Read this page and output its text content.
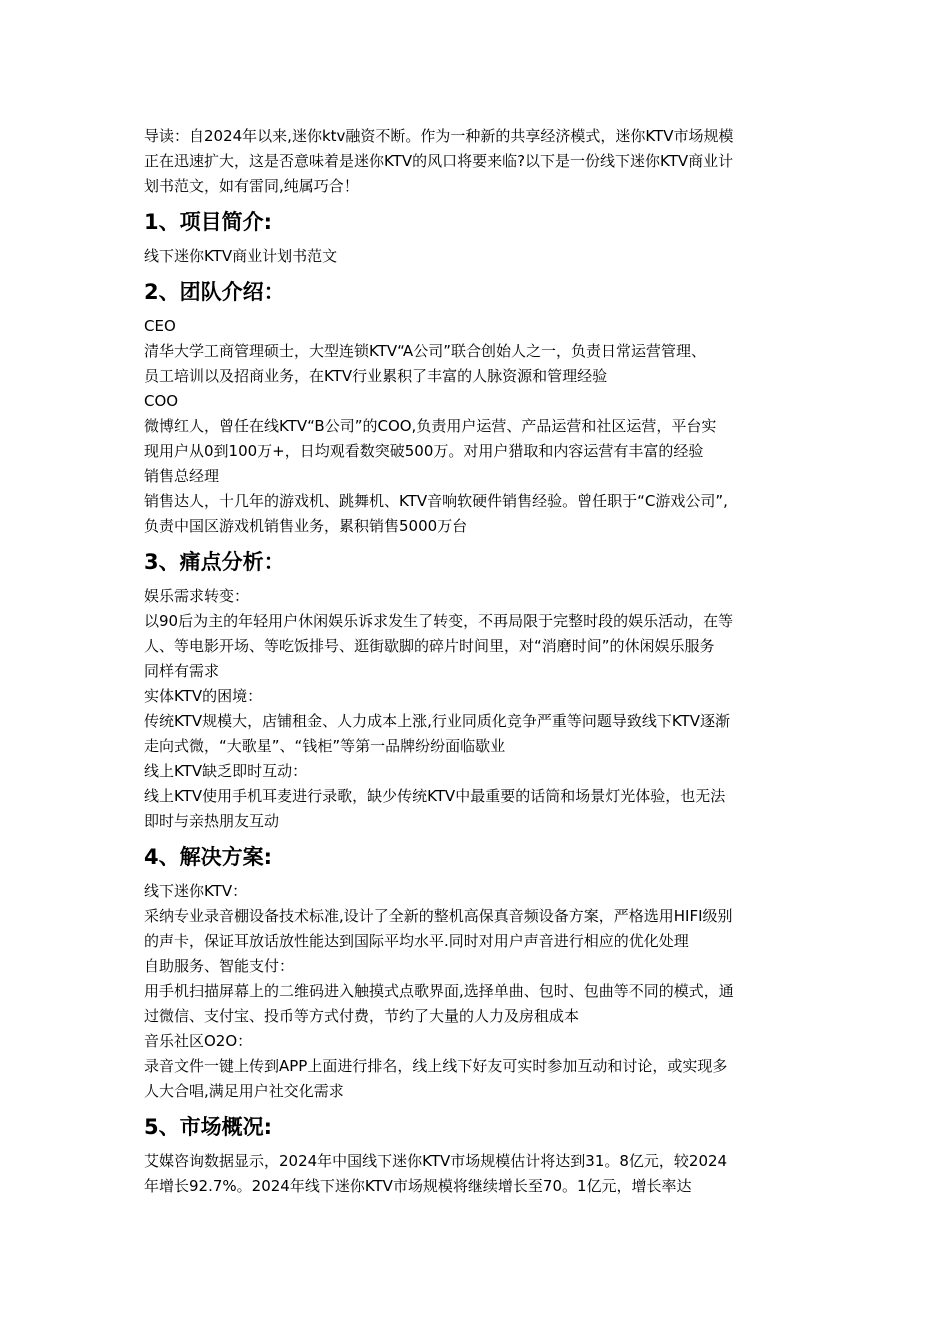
导读：自2024年以来,迷你ktv融资不断。作为一种新的共享经济模式，迷你KTV市场规模
正在迅速扩大，这是否意味着是迷你KTV的风口将要来临?以下是一份线下迷你KTV商业计
划书范文，如有雷同,纯属巧合！
1、项目简介:
线下迷你KTV商业计划书范文
2、团队介绍：
CEO
清华大学工商管理硕士，大型连锁KTV“A公司”联合创始人之一，负责日常运营管理、
员工培训以及招商业务，在KTV行业累积了丰富的人脉资源和管理经验
COO
微博红人，曾任在线KTV“B公司”的COO,负责用户运营、产品运营和社区运营，平台实
现用户从0到100万+，日均观看数突破500万。对用户猎取和内容运营有丰富的经验
销售总经理
销售达人，十几年的游戏机、跳舞机、KTV音响软硬件销售经验。曾任职于“C游戏公司”,
负责中国区游戏机销售业务，累积销售5000万台
3、痛点分析：
娱乐需求转变：
以90后为主的年轻用户休闲娱乐诉求发生了转变，不再局限于完整时段的娱乐活动，在等
人、等电影开场、等吃饭排号、逛街歇脚的碎片时间里，对“消磨时间”的休闲娱乐服务
同样有需求
实体KTV的困境：
传统KTV规模大，店铺租金、人力成本上涨,行业同质化竞争严重等问题导致线下KTV逐渐
走向式微，“大歌星”、“钱柜”等第一品牌纷纷面临歇业
线上KTV缺乏即时互动：
线上KTV使用手机耳麦进行录歌，缺少传统KTV中最重要的话筒和场景灯光体验，也无法
即时与亲热朋友互动
4、解决方案:
线下迷你KTV：
采纳专业录音棚设备技术标准,设计了全新的整机高保真音频设备方案，严格选用HIFI级别
的声卡，保证耳放话放性能达到国际平均水平.同时对用户声音进行相应的优化处理
自助服务、智能支付：
用手机扫描屏幕上的二维码进入触摸式点歌界面,选择单曲、包时、包曲等不同的模式，通
过微信、支付宝、投币等方式付费，节约了大量的人力及房租成本
音乐社区O2O：
录音文件一键上传到APP上面进行排名，线上线下好友可实时参加互动和讨论，或实现多
人大合唱,满足用户社交化需求
5、市场概况:
艾媒咨询数据显示，2024年中国线下迷你KTV市场规模估计将达到31。8亿元，较2024
年增长92.7%。2024年线下迷你KTV市场规模将继续增长至70。1亿元，增长率达
